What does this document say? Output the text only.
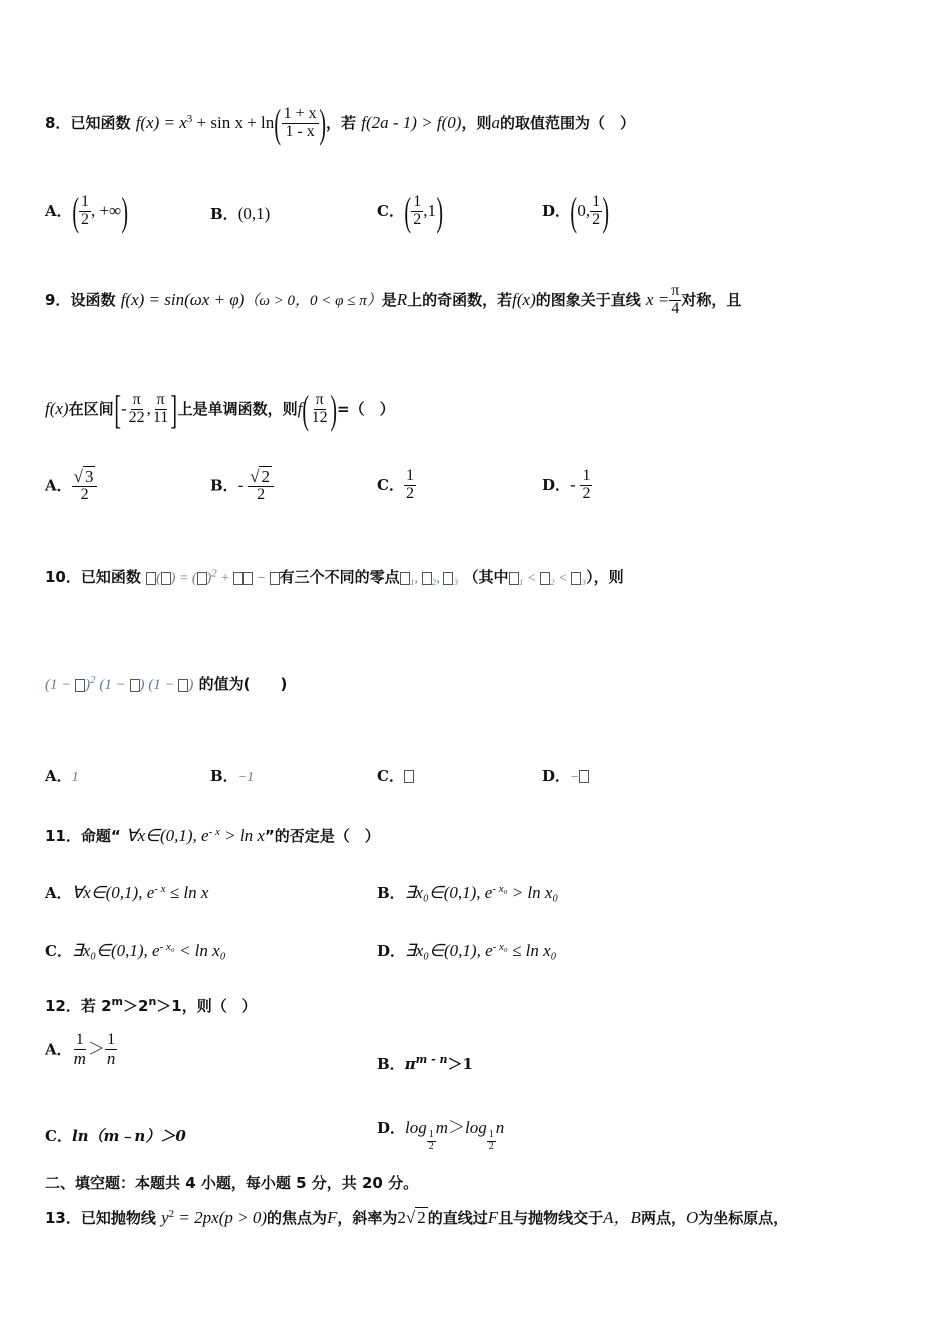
8．已知函数 $f(x) = x^3 + \sin x + \ln( \frac{1 + x}{1 - x}$ )，若 f(2a - 1) > f(0)，则a的取值范围为（　）
A．( $\frac{1}{2}$ , +∞)	B．(0,1)	C．( $\frac{1}{2} ,1$)	D．(0, $\frac{1}{2}$ )
9．设函数 f(x) = sin(ωx + φ)（ω > 0，0 < φ ≤ π）是R上的奇函数，若f(x)的图象关于直线 $x = \frac{\pi}{4}$ 对称，且
f(x)在区间[- $\frac{\pi}{22}$ , $\frac{\pi}{11}$ ]上是单调函数，则$f( \frac{\pi}{12}$ )=（　）
A． $\frac{√ 3}{2}$	B．- $\frac{√ 2}{2}$	C． $\frac{1}{2}$	D．- $\frac{1}{2}$
10．已知函数 ( ) = ( )$^2$ +  − 有三个不同的零点 ₁, ₂, ₃ （其中 ₁ < ₂ < ₃），则
$(1 - )^2$ (1 − ) (1 − ) 的值为(　　)
A．1	B．−1	C．	D．−
11．命题“ ∀x∈(0,1), $e^{- x} > \ln x$”的否定是（　）
A．∀x∈(0,1), $e^{- x} \le \ln x$	B．∃x₀∈(0,1), $e^{- x_0} > \ln x_0$
C．∃x₀∈(0,1), $e^{- x_0} < \ln x_0$	D．∃x₀∈(0,1), $e^{- x_0} \le \ln x_0$
12．若 $2^m>2^n>1$，则（　）
A． $\frac{1}{m} > \frac{1}{n}$	B．$\pi^{m - n}>1$
C．ln（m﹣n）＞0	D．log
$\frac{1}{2}$
m＞log
$\frac{1}{2}$
n
二、填空题：本题共 4 小题，每小题 5 分，共 20 分。
13．已知抛物线 $y^2 = 2px(p > 0)$的焦点为F，斜率为2√ 2 的直线过F且与抛物线交于A，B两点，O为坐标原点，
